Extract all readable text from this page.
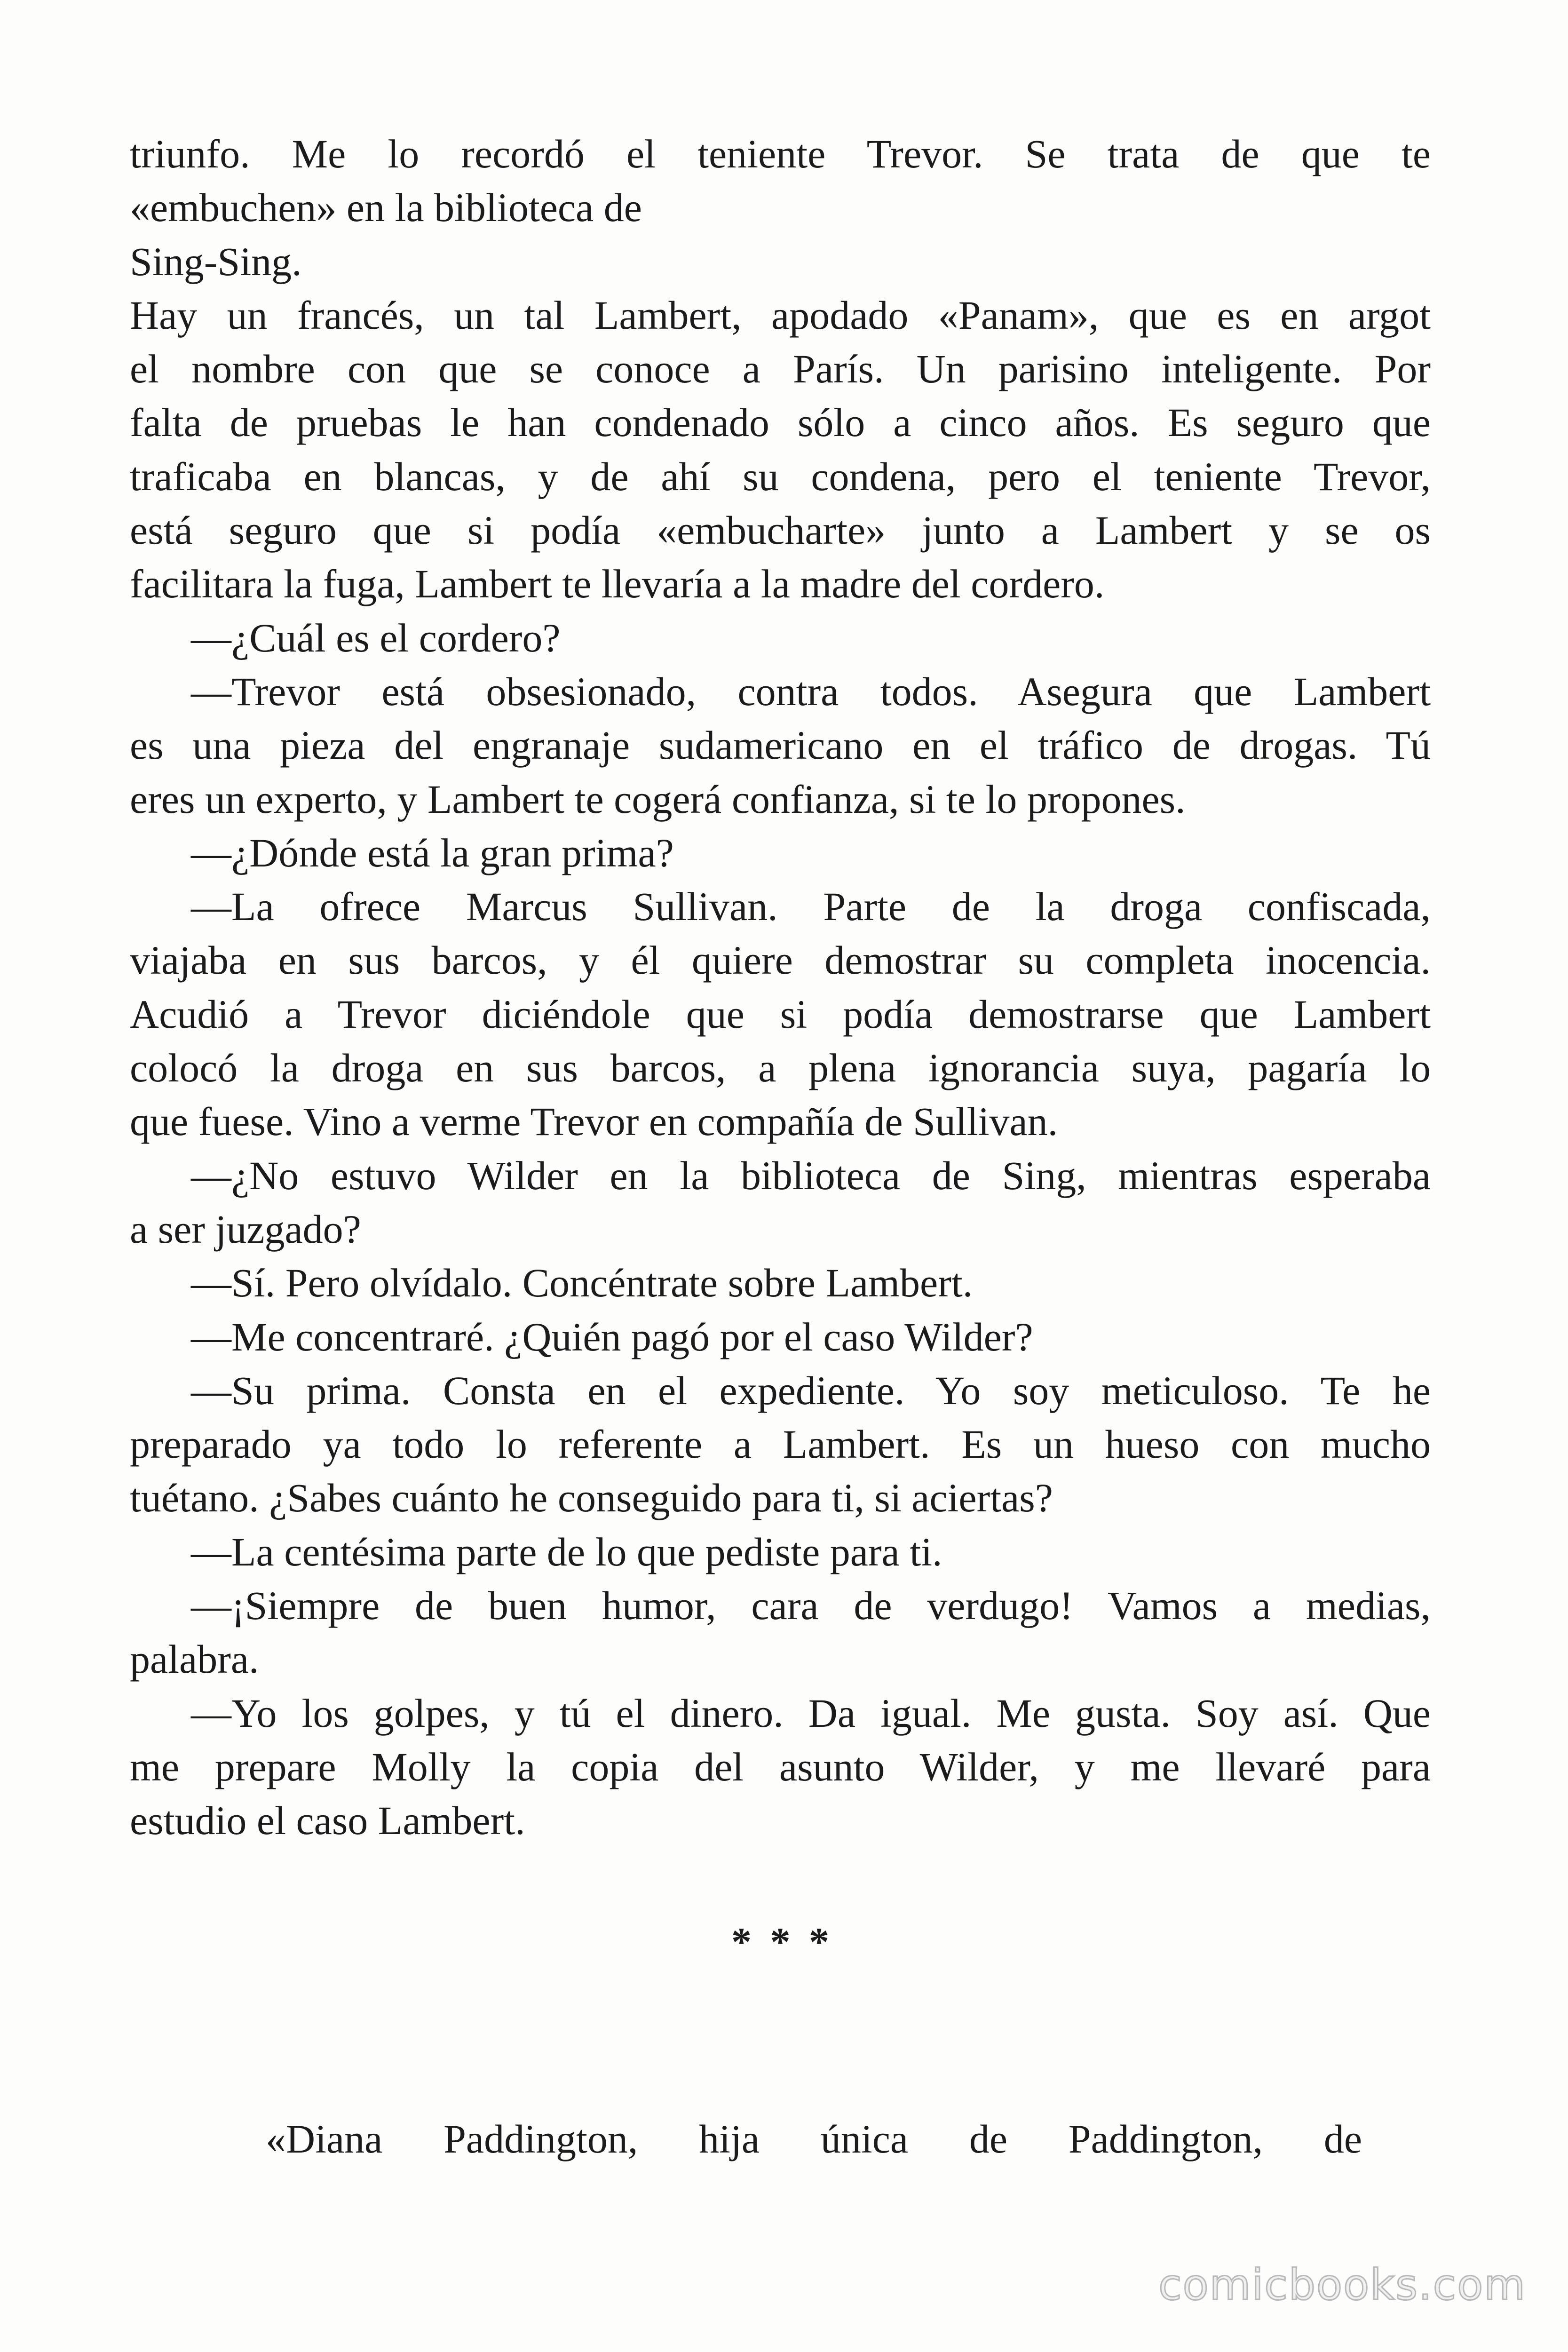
triunfo. Me lo recordó el teniente Trevor. Se trata de que te
«embuchen» en la biblioteca de
Sing-Sing.
Hay un francés, un tal Lambert, apodado «Panam», que es en argot
el nombre con que se conoce a París. Un parisino inteligente. Por
falta de pruebas le han condenado sólo a cinco años. Es seguro que
traficaba en blancas, y de ahí su condena, pero el teniente Trevor,
está seguro que si podía «embucharte» junto a Lambert y se os
facilitara la fuga, Lambert te llevaría a la madre del cordero.
—¿Cuál es el cordero?
—Trevor está obsesionado, contra todos. Asegura que Lambert
es una pieza del engranaje sudamericano en el tráfico de drogas. Tú
eres un experto, y Lambert te cogerá confianza, si te lo propones.
—¿Dónde está la gran prima?
—La ofrece Marcus Sullivan. Parte de la droga confiscada,
viajaba en sus barcos, y él quiere demostrar su completa inocencia.
Acudió a Trevor diciéndole que si podía demostrarse que Lambert
colocó la droga en sus barcos, a plena ignorancia suya, pagaría lo
que fuese. Vino a verme Trevor en compañía de Sullivan.
—¿No estuvo Wilder en la biblioteca de Sing, mientras esperaba
a ser juzgado?
—Sí. Pero olvídalo. Concéntrate sobre Lambert.
—Me concentraré. ¿Quién pagó por el caso Wilder?
—Su prima. Consta en el expediente. Yo soy meticuloso. Te he
preparado ya todo lo referente a Lambert. Es un hueso con mucho
tuétano. ¿Sabes cuánto he conseguido para ti, si aciertas?
—La centésima parte de lo que pediste para ti.
—¡Siempre de buen humor, cara de verdugo! Vamos a medias,
palabra.
—Yo los golpes, y tú el dinero. Da igual. Me gusta. Soy así. Que
me prepare Molly la copia del asunto Wilder, y me llevaré para
estudio el caso Lambert.
* * *
«Diana Paddington, hija única de Paddington, de
comicbooks.com
